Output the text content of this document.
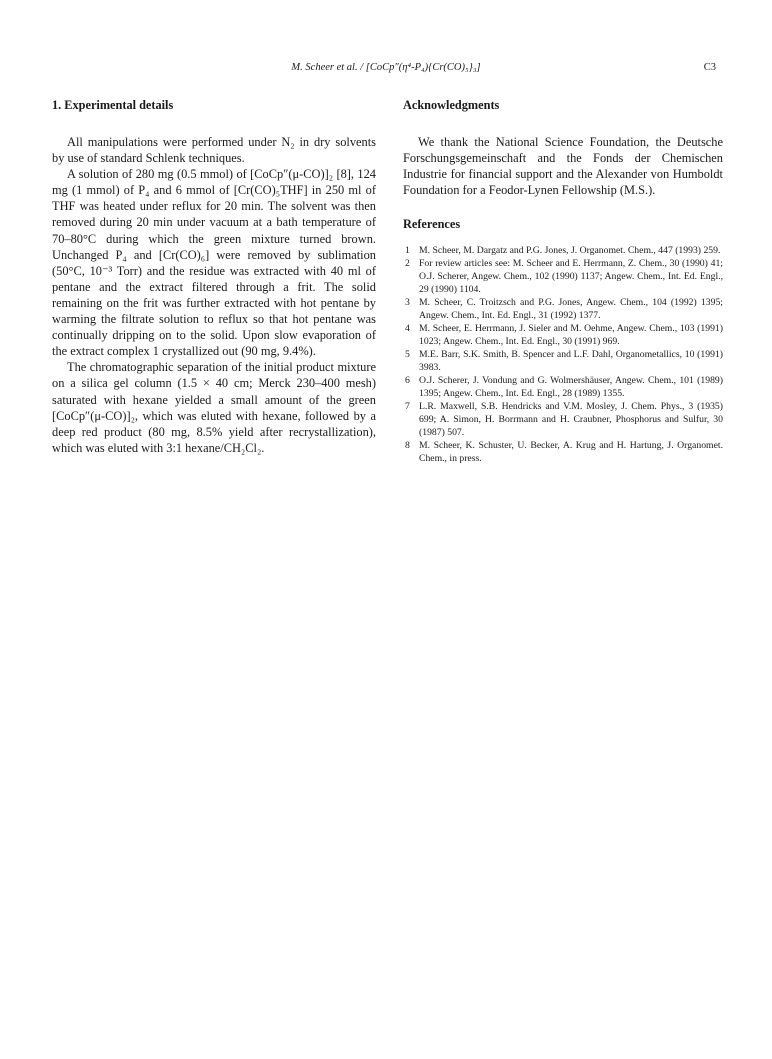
M. Scheer et al. / [CoCp″(η⁴-P₄){Cr(CO)₅}₃]	C3
1. Experimental details

All manipulations were performed under N₂ in dry solvents by use of standard Schlenk techniques.

A solution of 280 mg (0.5 mmol) of [CoCp″(μ-CO)]₂ [8], 124 mg (1 mmol) of P₄ and 6 mmol of [Cr(CO)₅THF] in 250 ml of THF was heated under reflux for 20 min. The solvent was then removed during 20 min under vacuum at a bath temperature of 70–80°C during which the green mixture turned brown. Unchanged P₄ and [Cr(CO)₆] were removed by sublimation (50°C, 10⁻³ Torr) and the residue was extracted with 40 ml of pentane and the extract filtered through a frit. The solid remaining on the frit was further extracted with hot pentane by warming the filtrate solution to reflux so that hot pentane was continually dripping on to the solid. Upon slow evaporation of the extract complex 1 crystallized out (90 mg, 9.4%).

The chromatographic separation of the initial product mixture on a silica gel column (1.5 × 40 cm; Merck 230–400 mesh) saturated with hexane yielded a small amount of the green [CoCp″(μ-CO)]₂, which was eluted with hexane, followed by a deep red product (80 mg, 8.5% yield after recrystallization), which was eluted with 3:1 hexane/CH₂Cl₂.

Acknowledgments

We thank the National Science Foundation, the Deutsche Forschungsgemeinschaft and the Fonds der Chemischen Industrie for financial support and the Alexander von Humboldt Foundation for a Feodor-Lynen Fellowship (M.S.).

References
1 M. Scheer, M. Dargatz and P.G. Jones, J. Organomet. Chem., 447 (1993) 259.
2 For review articles see: M. Scheer and E. Herrmann, Z. Chem., 30 (1990) 41; O.J. Scherer, Angew. Chem., 102 (1990) 1137; Angew. Chem., Int. Ed. Engl., 29 (1990) 1104.
3 M. Scheer, C. Troitzsch and P.G. Jones, Angew. Chem., 104 (1992) 1395; Angew. Chem., Int. Ed. Engl., 31 (1992) 1377.
4 M. Scheer, E. Herrmann, J. Sieler and M. Oehme, Angew. Chem., 103 (1991) 1023; Angew. Chem., Int. Ed. Engl., 30 (1991) 969.
5 M.E. Barr, S.K. Smith, B. Spencer and L.F. Dahl, Organometallics, 10 (1991) 3983.
6 O.J. Scherer, J. Vondung and G. Wolmershäuser, Angew. Chem., 101 (1989) 1395; Angew. Chem., Int. Ed. Engl., 28 (1989) 1355.
7 L.R. Maxwell, S.B. Hendricks and V.M. Mosley, J. Chem. Phys., 3 (1935) 699; A. Simon, H. Borrmann and H. Craubner, Phosphorus and Sulfur, 30 (1987) 507.
8 M. Scheer, K. Schuster, U. Becker, A. Krug and H. Hartung, J. Organomet. Chem., in press.
